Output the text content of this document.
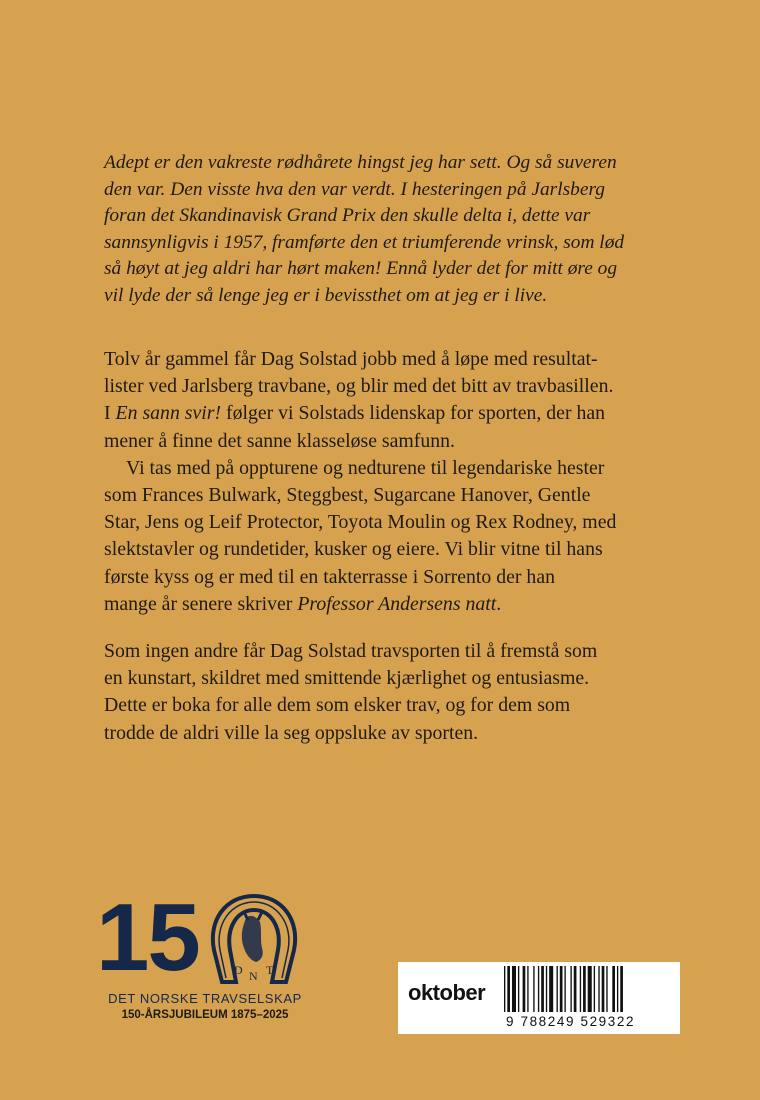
Adept er den vakreste rødhårete hingst jeg har sett. Og så suveren
den var. Den visste hva den var verdt. I hesteringen på Jarlsberg
foran det Skandinavisk Grand Prix den skulle delta i, dette var
sannsynligvis i 1957, framførte den et triumferende vrinsk, som lød
så høyt at jeg aldri har hørt maken! Ennå lyder det for mitt øre og
vil lyde der så lenge jeg er i bevissthet om at jeg er i live.
Tolv år gammel får Dag Solstad jobb med å løpe med resultat-
lister ved Jarlsberg travbane, og blir med det bitt av travbasillen.
I En sann svir! følger vi Solstads lidenskap for sporten, der han
mener å finne det sanne klasseløse samfunn.
Vi tas med på oppturene og nedturene til legendariske hester
som Frances Bulwark, Steggbest, Sugarcane Hanover, Gentle
Star, Jens og Leif Protector, Toyota Moulin og Rex Rodney, med
slektstavler og rundetider, kusker og eiere. Vi blir vitne til hans
første kyss og er med til en takterrasse i Sorrento der han
mange år senere skriver Professor Andersens natt.
Som ingen andre får Dag Solstad travsporten til å fremstå som
en kunstart, skildret med smittende kjærlighet og entusiasme.
Dette er boka for alle dem som elsker trav, og for dem som
trodde de aldri ville la seg oppsluke av sporten.
15	D N T
DET NORSKE TRAVSELSKAP
150-ÅRSJUBILEUM 1875–2025
oktober
9 788249 529322
